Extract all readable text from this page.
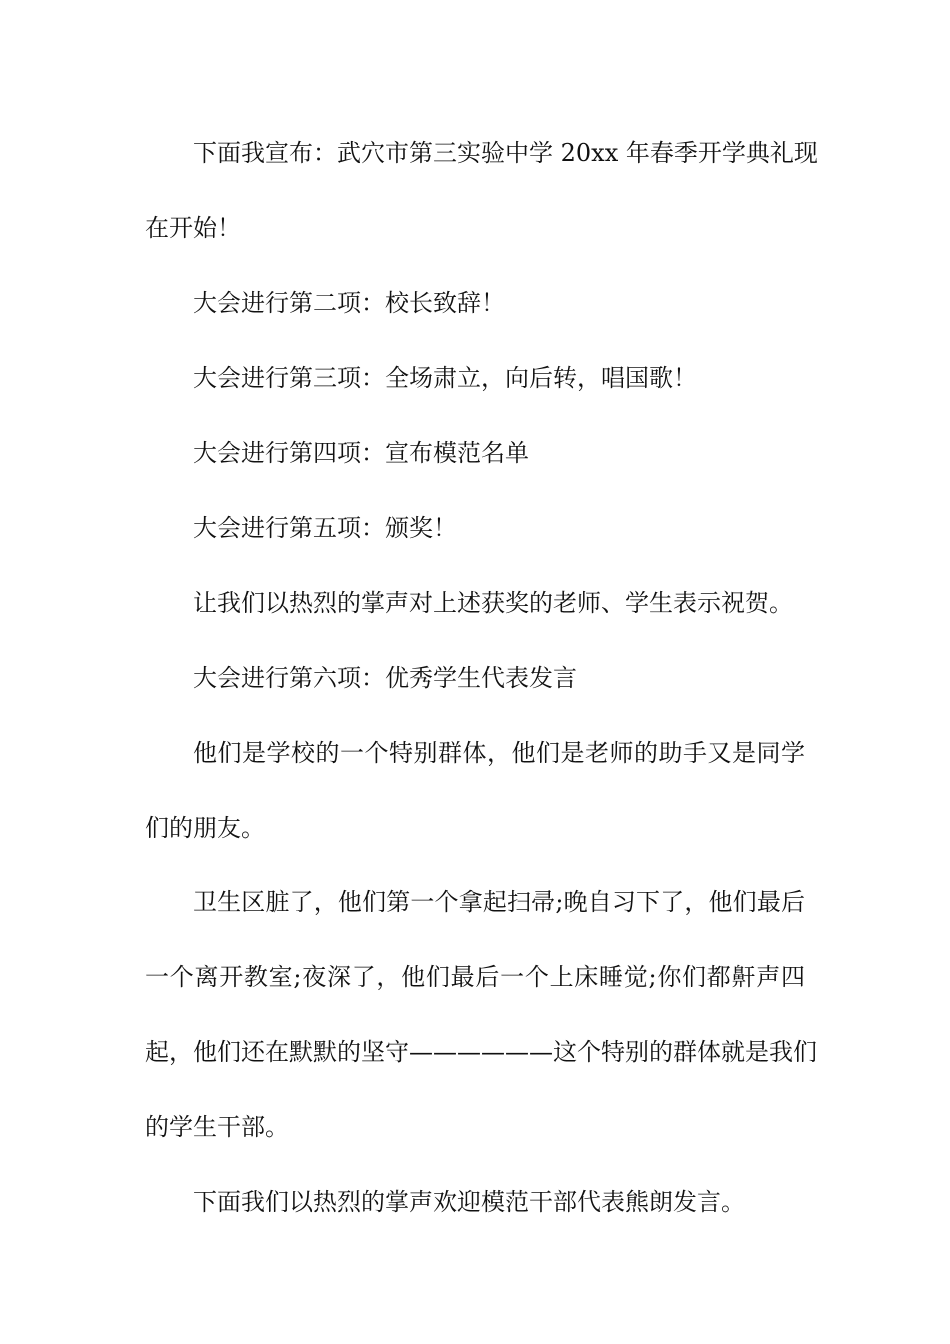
下面我宣布：武穴市第三实验中学 20xx 年春季开学典礼现
在开始！
大会进行第二项：校长致辞！
大会进行第三项：全场肃立，向后转，唱国歌！
大会进行第四项：宣布模范名单
大会进行第五项：颁奖！
让我们以热烈的掌声对上述获奖的老师、学生表示祝贺。
大会进行第六项：优秀学生代表发言
他们是学校的一个特别群体，他们是老师的助手又是同学
们的朋友。
卫生区脏了，他们第一个拿起扫帚;晚自习下了，他们最后
一个离开教室;夜深了，他们最后一个上床睡觉;你们都鼾声四
起，他们还在默默的坚守——————这个特别的群体就是我们
的学生干部。
下面我们以热烈的掌声欢迎模范干部代表熊朗发言。
